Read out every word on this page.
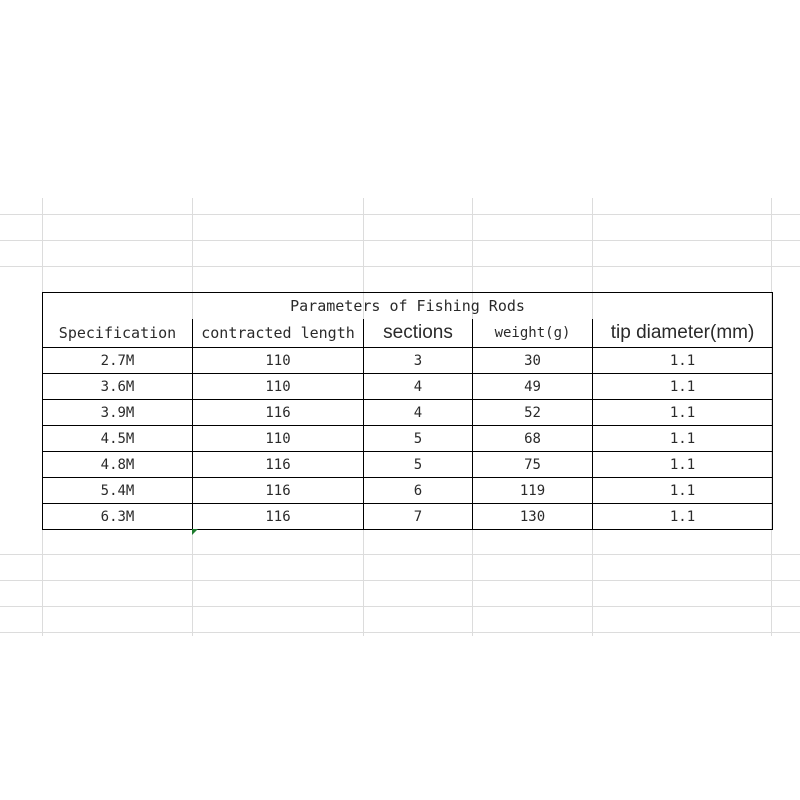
Parameters of Fishing Rods				
Specification	contracted length	sections	weight(g)	tip diameter(mm)
2.7M	110	3	30	1.1
3.6M	110	4	49	1.1
3.9M	116	4	52	1.1
4.5M	110	5	68	1.1
4.8M	116	5	75	1.1
5.4M	116	6	119	1.1
6.3M	116	7	130	1.1
